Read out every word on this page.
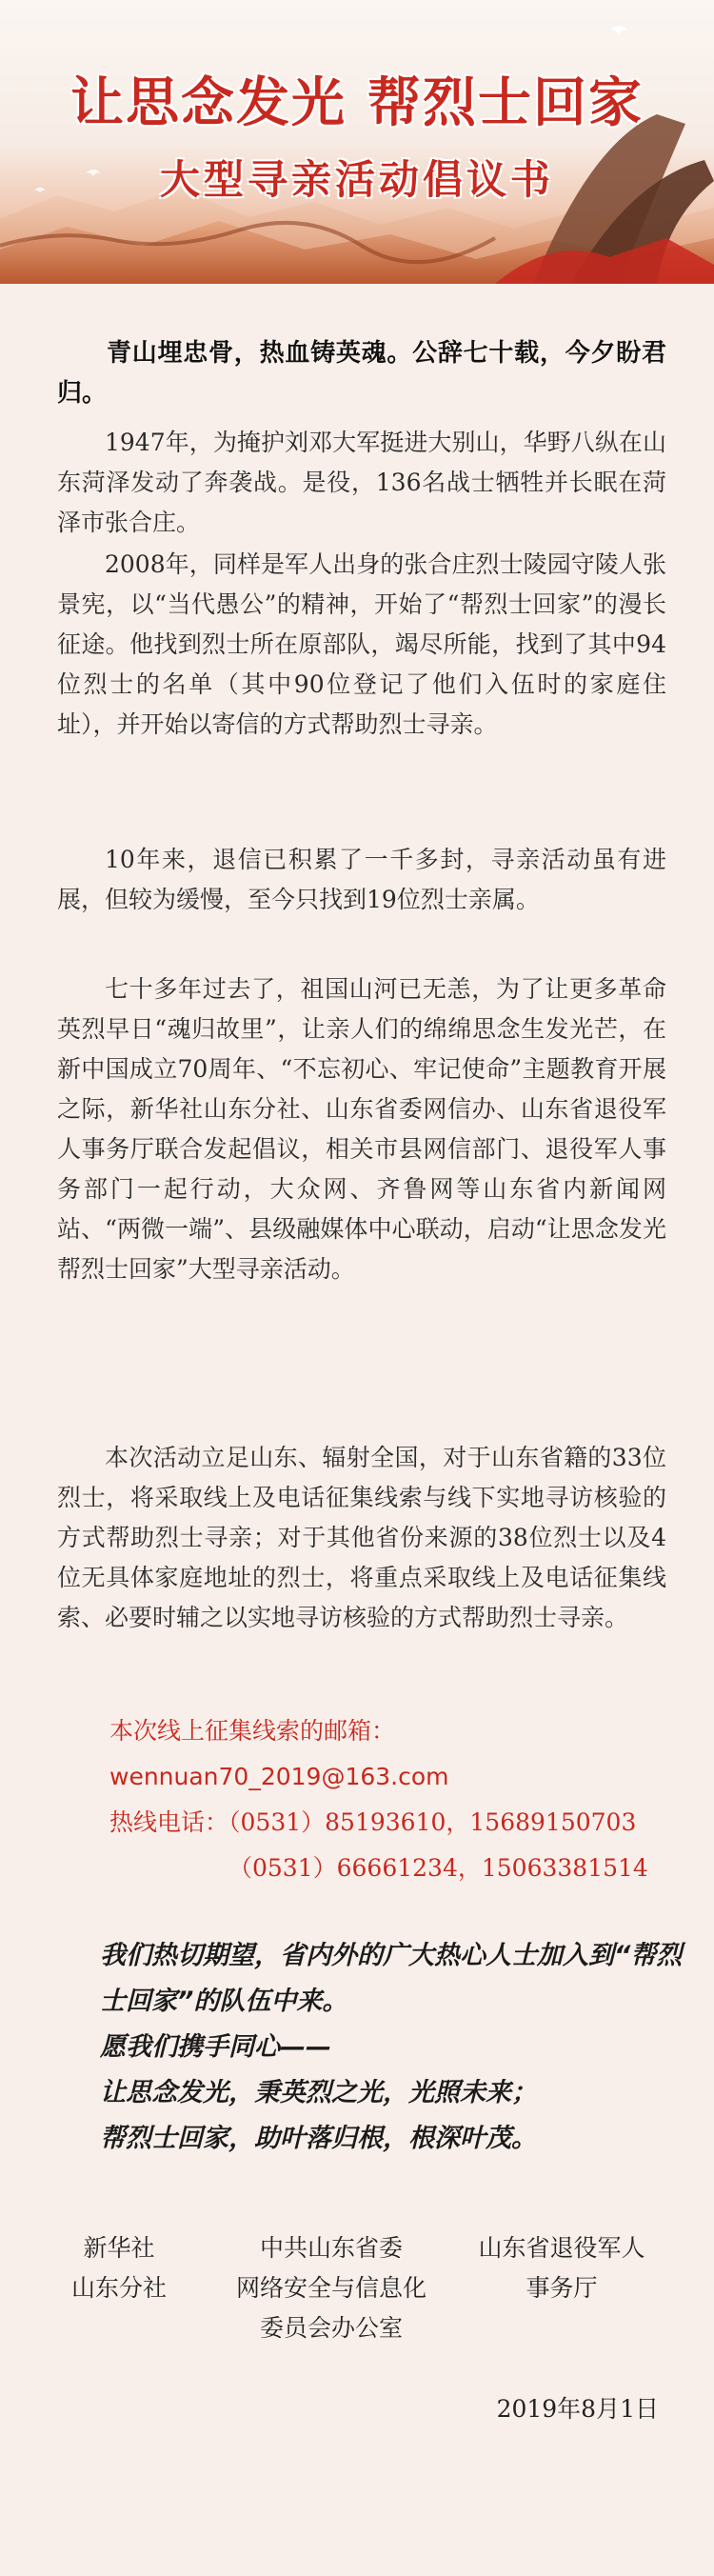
让思念发光 帮烈士回家
大型寻亲活动倡议书
青山埋忠骨，热血铸英魂。公辞七十载，今夕盼君归。
1947年，为掩护刘邓大军挺进大别山，华野八纵在山东菏泽发动了奔袭战。是役，136名战士牺牲并长眠在菏泽市张合庄。
2008年，同样是军人出身的张合庄烈士陵园守陵人张景宪，以“当代愚公”的精神，开始了“帮烈士回家”的漫长征途。他找到烈士所在原部队，竭尽所能，找到了其中94位烈士的名单（其中90位登记了他们入伍时的家庭住址），并开始以寄信的方式帮助烈士寻亲。
10年来，退信已积累了一千多封，寻亲活动虽有进展，但较为缓慢，至今只找到19位烈士亲属。
七十多年过去了，祖国山河已无恙，为了让更多革命英烈早日“魂归故里”，让亲人们的绵绵思念生发光芒，在新中国成立70周年、“不忘初心、牢记使命”主题教育开展之际，新华社山东分社、山东省委网信办、山东省退役军人事务厅联合发起倡议，相关市县网信部门、退役军人事务部门一起行动，大众网、齐鲁网等山东省内新闻网站、“两微一端”、县级融媒体中心联动，启动“让思念发光 帮烈士回家”大型寻亲活动。
本次活动立足山东、辐射全国，对于山东省籍的33位烈士，将采取线上及电话征集线索与线下实地寻访核验的方式帮助烈士寻亲；对于其他省份来源的38位烈士以及4位无具体家庭地址的烈士，将重点采取线上及电话征集线索、必要时辅之以实地寻访核验的方式帮助烈士寻亲。
本次线上征集线索的邮箱：
wennuan70_2019@163.com
热线电话：（0531）85193610，15689150703
（0531）66661234，15063381514
我们热切期望，省内外的广大热心人士加入到“帮烈士回家”的队伍中来。
愿我们携手同心——
让思念发光，秉英烈之光，光照未来；
帮烈士回家，助叶落归根，根深叶茂。
新华社
山东分社
中共山东省委
网络安全与信息化
委员会办公室
山东省退役军人
事务厅
2019年8月1日
